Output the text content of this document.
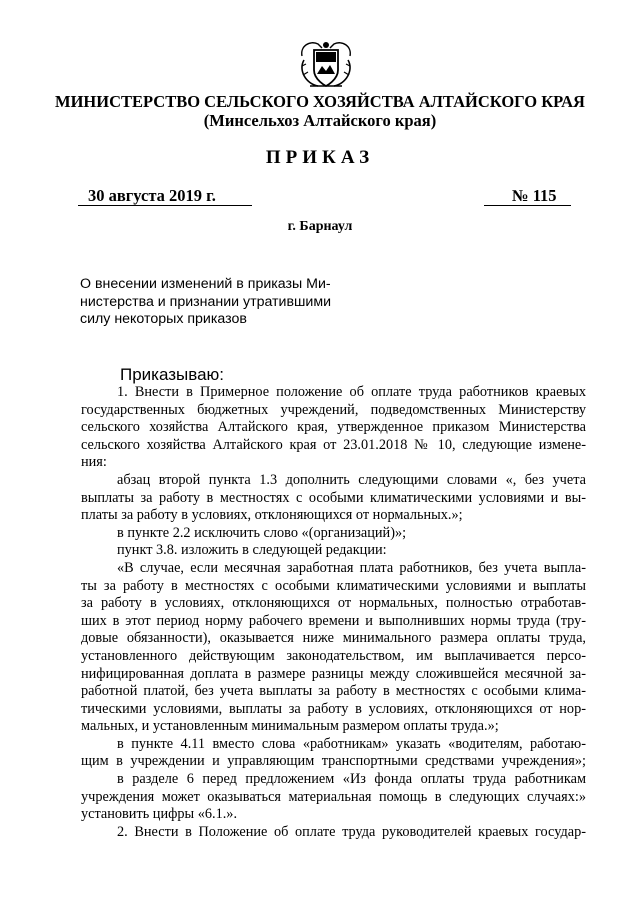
МИНИСТЕРСТВО СЕЛЬСКОГО ХОЗЯЙСТВА АЛТАЙСКОГО КРАЯ
(Минсельхоз Алтайского края)
ПРИКАЗ
30 августа 2019 г.	№ 115
г. Барнаул
О внесении изменений в приказы Ми-
нистерства и признании утратившими
силу некоторых приказов
Приказываю:
1. Внести в Примерное положение об оплате труда работников краевых
государственных бюджетных учреждений, подведомственных Министерству
сельского хозяйства Алтайского края, утвержденное приказом Министерства
сельского хозяйства Алтайского края от 23.01.2018 № 10, следующие измене-
ния:
абзац второй пункта 1.3 дополнить следующими словами «, без учета
выплаты за работу в местностях с особыми климатическими условиями и вы-
платы за работу в условиях, отклоняющихся от нормальных.»;
в пункте 2.2 исключить слово «(организаций)»;
пункт 3.8. изложить в следующей редакции:
«В случае, если месячная заработная плата работников, без учета выпла-
ты за работу в местностях с особыми климатическими условиями и выплаты
за работу в условиях, отклоняющихся от нормальных, полностью отработав-
ших в этот период норму рабочего времени и выполнивших нормы труда (тру-
довые обязанности), оказывается ниже минимального размера оплаты труда,
установленного действующим законодательством, им выплачивается персо-
нифицированная доплата в размере разницы между сложившейся месячной за-
работной платой, без учета выплаты за работу в местностях с особыми клима-
тическими условиями, выплаты за работу в условиях, отклоняющихся от нор-
мальных, и установленным минимальным размером оплаты труда.»;
в пункте 4.11 вместо слова «работникам» указать «водителям, работаю-
щим в учреждении и управляющим транспортными средствами учреждения»;
в разделе 6 перед предложением «Из фонда оплаты труда работникам
учреждения может оказываться материальная помощь в следующих случаях:»
установить цифры «6.1.».
2. Внести в Положение об оплате труда руководителей краевых государ-
